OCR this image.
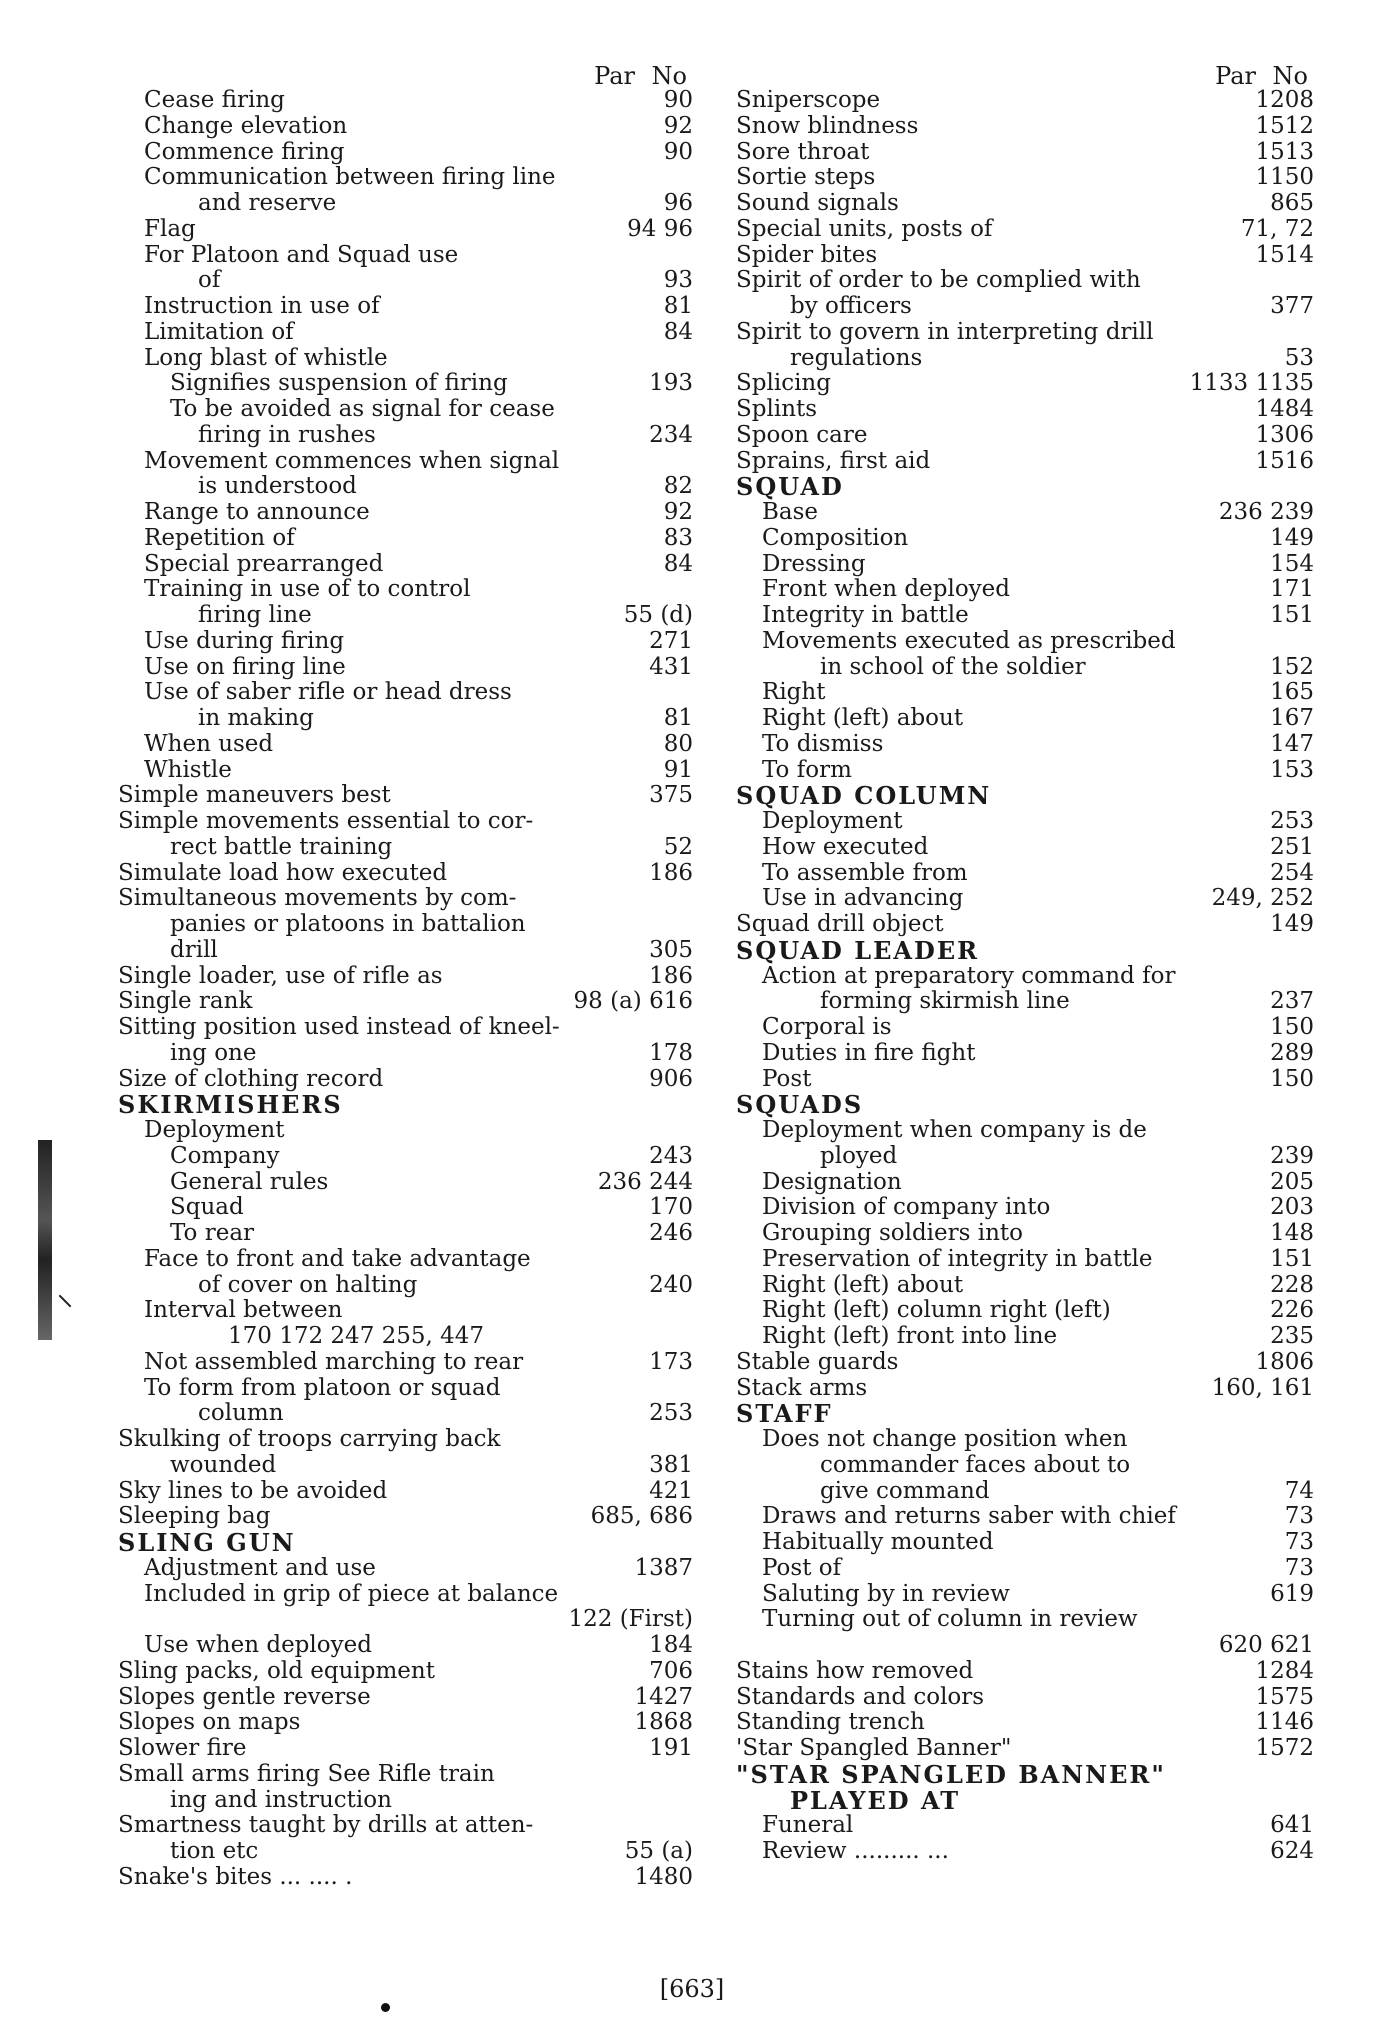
Par No
Cease firing	90
Change elevation	92
Commence firing	90
Communication between firing line
and reserve	96
Flag	94 96
For Platoon and Squad use
of	93
Instruction in use of	81
Limitation of	84
Long blast of whistle
Signifies suspension of firing	193
To be avoided as signal for cease
firing in rushes	234
Movement commences when signal
is understood	82
Range to announce	92
Repetition of	83
Special prearranged	84
Training in use of to control
firing line	55 (d)
Use during firing	271
Use on firing line	431
Use of saber rifle or head dress
in making	81
When used	80
Whistle	91
Simple maneuvers best	375
Simple movements essential to cor-
rect battle training	52
Simulate load how executed	186
Simultaneous movements by com-
panies or platoons in battalion
drill	305
Single loader, use of rifle as	186
Single rank	98 (a) 616
Sitting position used instead of kneel-
ing one	178
Size of clothing record	906
SKIRMISHERS
Deployment
Company	243
General rules	236 244
Squad	170
To rear	246
Face to front and take advantage
of cover on halting	240
Interval between
170 172 247 255, 447
Not assembled marching to rear	173
To form from platoon or squad
column	253
Skulking of troops carrying back
wounded	381
Sky lines to be avoided	421
Sleeping bag	685, 686
SLING GUN
Adjustment and use	1387
Included in grip of piece at balance
122 (First)
Use when deployed	184
Sling packs, old equipment	706
Slopes gentle reverse	1427
Slopes on maps	1868
Slower fire	191
Small arms firing See Rifle train
ing and instruction
Smartness taught by drills at atten-
tion etc	55 (a)
Snake's bites ... .... .	1480
Par No
Sniperscope	1208
Snow blindness	1512
Sore throat	1513
Sortie steps	1150
Sound signals	865
Special units, posts of	71, 72
Spider bites	1514
Spirit of order to be complied with
by officers	377
Spirit to govern in interpreting drill
regulations	53
Splicing	1133 1135
Splints	1484
Spoon care	1306
Sprains, first aid	1516
SQUAD
Base	236 239
Composition	149
Dressing	154
Front when deployed	171
Integrity in battle	151
Movements executed as prescribed
in school of the soldier	152
Right	165
Right (left) about	167
To dismiss	147
To form	153
SQUAD COLUMN
Deployment	253
How executed	251
To assemble from	254
Use in advancing	249, 252
Squad drill object	149
SQUAD LEADER
Action at preparatory command for
forming skirmish line	237
Corporal is	150
Duties in fire fight	289
Post	150
SQUADS
Deployment when company is de
ployed	239
Designation	205
Division of company into	203
Grouping soldiers into	148
Preservation of integrity in battle	151
Right (left) about	228
Right (left) column right (left)	226
Right (left) front into line	235
Stable guards	1806
Stack arms	160, 161
STAFF
Does not change position when
commander faces about to
give command	74
Draws and returns saber with chief	73
Habitually mounted	73
Post of	73
Saluting by in review	619
Turning out of column in review
620 621
Stains how removed	1284
Standards and colors	1575
Standing trench	1146
'Star Spangled Banner"	1572
"STAR SPANGLED BANNER"
PLAYED AT
Funeral	641
Review ......... ...	624
[663]
